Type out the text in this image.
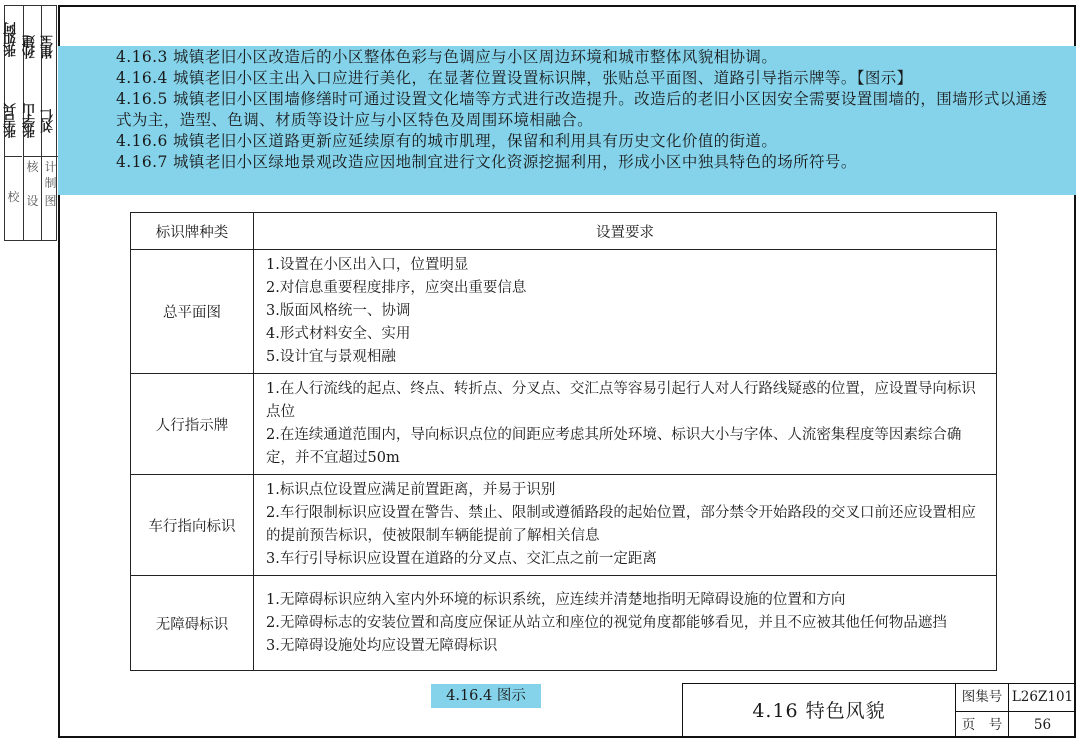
张如阿
张吉兵
校
孙建
张学山
核
设
崔宝
刘仁
计
制
图
4.16.3 城镇老旧小区改造后的小区整体色彩与色调应与小区周边环境和城市整体风貌相协调。
4.16.4 城镇老旧小区主出入口应进行美化，在显著位置设置标识牌，张贴总平面图、道路引导指示牌等。【图示】
4.16.5 城镇老旧小区围墙修缮时可通过设置文化墙等方式进行改造提升。改造后的老旧小区因安全需要设置围墙的，围墙形式以通透式为主，造型、色调、材质等设计应与小区特色及周围环境相融合。
4.16.6 城镇老旧小区道路更新应延续原有的城市肌理，保留和利用具有历史文化价值的街道。
4.16.7 城镇老旧小区绿地景观改造应因地制宜进行文化资源挖掘利用，形成小区中独具特色的场所符号。
标识牌种类	设置要求
总平面图	1.设置在小区出入口，位置明显
2.对信息重要程度排序，应突出重要信息
3.版面风格统一、协调
4.形式材料安全、实用
5.设计宜与景观相融

人行指示牌	1.在人行流线的起点、终点、转折点、分叉点、交汇点等容易引起行人对人行路线疑惑的位置，应设置导向标识点位
2.在连续通道范围内，导向标识点位的间距应考虑其所处环境、标识大小与字体、人流密集程度等因素综合确定，并不宜超过50m

车行指向标识	1.标识点位设置应满足前置距离，并易于识别
2.车行限制标识应设置在警告、禁止、限制或遵循路段的起始位置，部分禁令开始路段的交叉口前还应设置相应的提前预告标识，使被限制车辆能提前了解相关信息
3.车行引导标识应设置在道路的分叉点、交汇点之前一定距离

无障碍标识	1.无障碍标识应纳入室内外环境的标识系统，应连续并清楚地指明无障碍设施的位置和方向
2.无障碍标志的安装位置和高度应保证从站立和座位的视觉角度都能够看见，并且不应被其他任何物品遮挡
3.无障碍设施处均应设置无障碍标识
4.16.4 图示
4.16 特色风貌
图集号 L26Z101
页　号	56
